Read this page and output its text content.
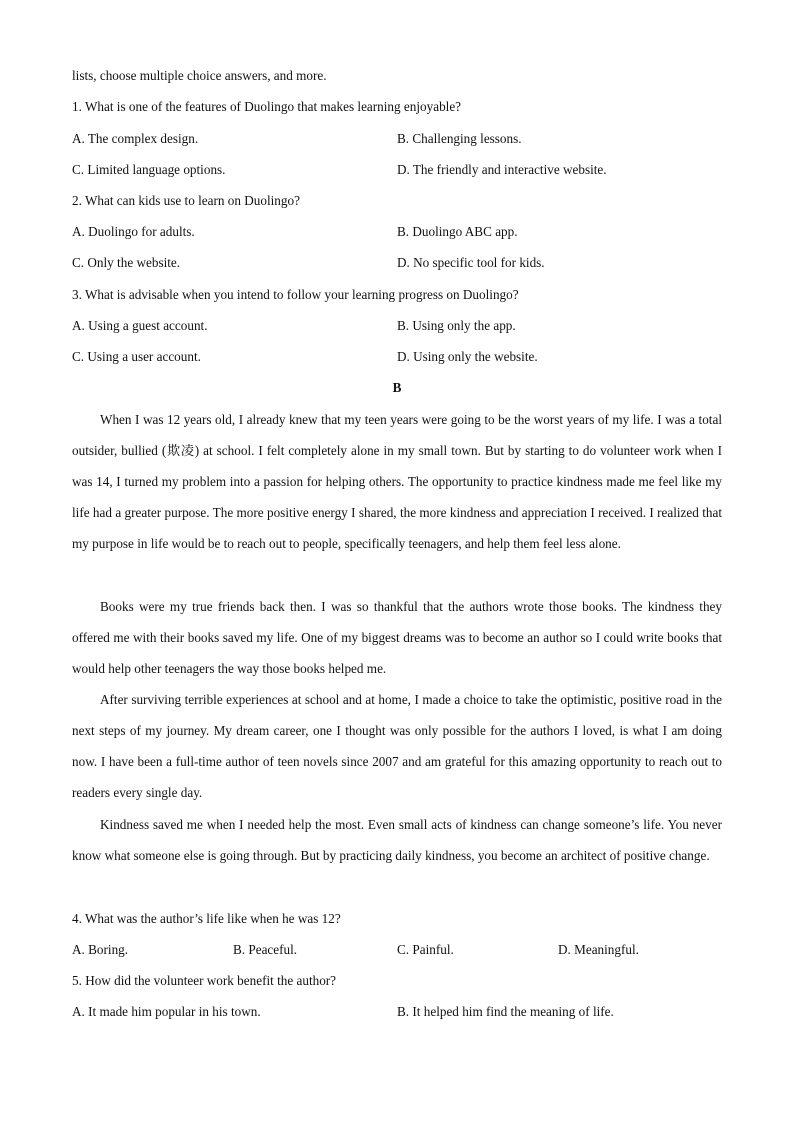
lists, choose multiple choice answers, and more.
1. What is one of the features of Duolingo that makes learning enjoyable?
A. The complex design.	B. Challenging lessons.
C. Limited language options.	D. The friendly and interactive website.
2. What can kids use to learn on Duolingo?
A. Duolingo for adults.	B. Duolingo ABC app.
C. Only the website.	D. No specific tool for kids.
3. What is advisable when you intend to follow your learning progress on Duolingo?
A. Using a guest account.	B. Using only the app.
C. Using a user account.	D. Using only the website.
B
When I was 12 years old, I already knew that my teen years were going to be the worst years of my life. I was a total outsider, bullied (欺凌) at school. I felt completely alone in my small town. But by starting to do volunteer work when I was 14, I turned my problem into a passion for helping others. The opportunity to practice kindness made me feel like my life had a greater purpose. The more positive energy I shared, the more kindness and appreciation I received. I realized that my purpose in life would be to reach out to people, specifically teenagers, and help them feel less alone.
Books were my true friends back then. I was so thankful that the authors wrote those books. The kindness they offered me with their books saved my life. One of my biggest dreams was to become an author so I could write books that would help other teenagers the way those books helped me.
After surviving terrible experiences at school and at home, I made a choice to take the optimistic, positive road in the next steps of my journey. My dream career, one I thought was only possible for the authors I loved, is what I am doing now. I have been a full-time author of teen novels since 2007 and am grateful for this amazing opportunity to reach out to readers every single day.
Kindness saved me when I needed help the most. Even small acts of kindness can change someone’s life. You never know what someone else is going through. But by practicing daily kindness, you become an architect of positive change.
4. What was the author’s life like when he was 12?
A. Boring.	B. Peaceful.	C. Painful.	D. Meaningful.
5. How did the volunteer work benefit the author?
A. It made him popular in his town.	B. It helped him find the meaning of life.
